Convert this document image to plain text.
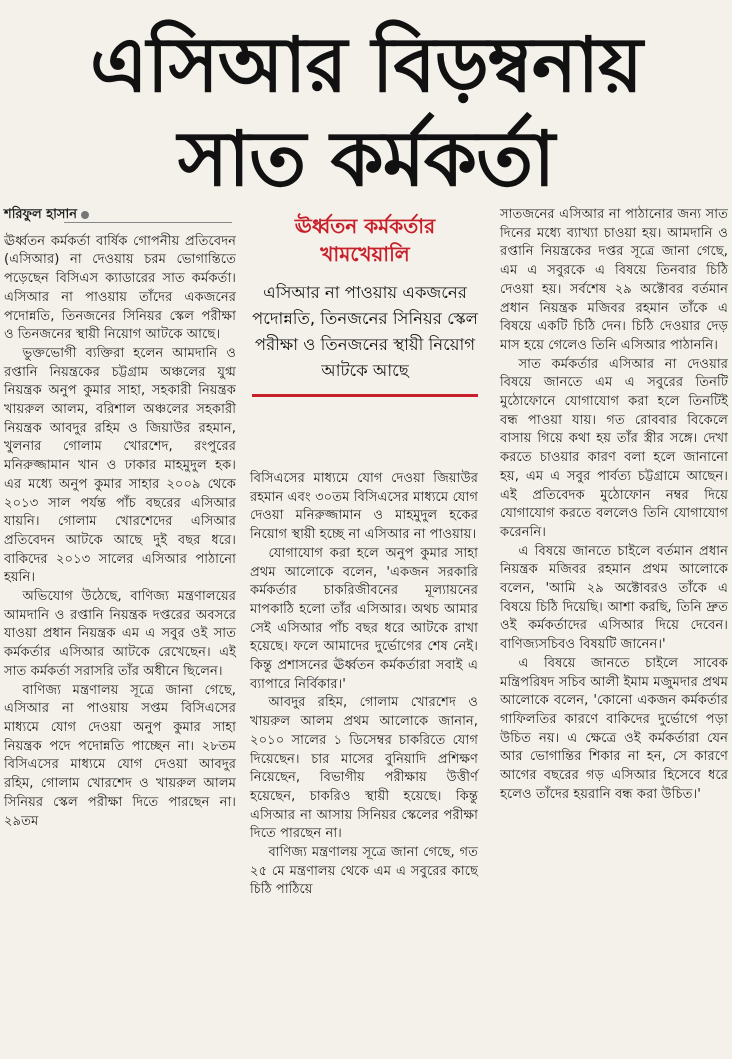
এসিআর বিড়ম্বনায়
সাত কর্মকর্তা
শরিফুল হাসান

ঊর্ধ্বতন কর্মকর্তা বার্ষিক গোপনীয় প্রতিবেদন (এসিআর) না দেওয়ায় চরম ভোগান্তিতে পড়েছেন বিসিএস ক্যাডারের সাত কর্মকর্তা। এসিআর না পাওয়ায় তাঁদের একজনের পদোন্নতি, তিনজনের সিনিয়র স্কেল পরীক্ষা ও তিনজনের স্থায়ী নিয়োগ আটকে আছে।

ভুক্তভোগী ব্যক্তিরা হলেন আমদানি ও রপ্তানি নিয়ন্ত্রকের চট্টগ্রাম অঞ্চলের যুগ্ম নিয়ন্ত্রক অনুপ কুমার সাহা, সহকারী নিয়ন্ত্রক খায়রুল আলম, বরিশাল অঞ্চলের সহকারী নিয়ন্ত্রক আবদুর রহিম ও জিয়াউর রহমান, খুলনার গোলাম খোরশেদ, রংপুরের মনিরুজ্জামান খান ও ঢাকার মাহমুদুল হক। এর মধ্যে অনুপ কুমার সাহার ২০০৯ থেকে ২০১৩ সাল পর্যন্ত পাঁচ বছরের এসিআর যায়নি। গোলাম খোরশেদের এসিআর প্রতিবেদন আটকে আছে দুই বছর ধরে। বাকিদের ২০১৩ সালের এসিআর পাঠানো হয়নি।

অভিযোগ উঠেছে, বাণিজ্য মন্ত্রণালয়ের আমদানি ও রপ্তানি নিয়ন্ত্রক দপ্তরের অবসরে যাওয়া প্রধান নিয়ন্ত্রক এম এ সবুর ওই সাত কর্মকর্তার এসিআর আটকে রেখেছেন। এই সাত কর্মকর্তা সরাসরি তাঁর অধীনে ছিলেন।

বাণিজ্য মন্ত্রণালয় সূত্রে জানা গেছে, এসিআর না পাওয়ায় সপ্তম বিসিএসের মাধ্যমে যোগ দেওয়া অনুপ কুমার সাহা নিয়ন্ত্রক পদে পদোন্নতি পাচ্ছেন না। ২৮তম বিসিএসের মাধ্যমে যোগ দেওয়া আবদুর রহিম, গোলাম খোরশেদ ও খায়রুল আলম সিনিয়র স্কেল পরীক্ষা দিতে পারছেন না। ২৯তম

ঊর্ধ্বতন কর্মকর্তার খামখেয়ালি
এসিআর না পাওয়ায় একজনের পদোন্নতি, তিনজনের সিনিয়র স্কেল পরীক্ষা ও তিনজনের স্থায়ী নিয়োগ আটকে আছে

বিসিএসের মাধ্যমে যোগ দেওয়া জিয়াউর রহমান এবং ৩০তম বিসিএসের মাধ্যমে যোগ দেওয়া মনিরুজ্জামান ও মাহমুদুল হকের নিয়োগ স্থায়ী হচ্ছে না এসিআর না পাওয়ায়।

যোগাযোগ করা হলে অনুপ কুমার সাহা প্রথম আলোকে বলেন, 'একজন সরকারি কর্মকর্তার চাকরিজীবনের মূল্যায়নের মাপকাঠি হলো তাঁর এসিআর। অথচ আমার সেই এসিআর পাঁচ বছর ধরে আটকে রাখা হয়েছে। ফলে আমাদের দুর্ভোগের শেষ নেই। কিন্তু প্রশাসনের ঊর্ধ্বতন কর্মকর্তারা সবাই এ ব্যাপারে নির্বিকার।'

আবদুর রহিম, গোলাম খোরশেদ ও খায়রুল আলম প্রথম আলোকে জানান, ২০১০ সালের ১ ডিসেম্বর চাকরিতে যোগ দিয়েছেন। চার মাসের বুনিয়াদি প্রশিক্ষণ নিয়েছেন, বিভাগীয় পরীক্ষায় উত্তীর্ণ হয়েছেন, চাকরিও স্থায়ী হয়েছে। কিন্তু এসিআর না আসায় সিনিয়র স্কেলের পরীক্ষা দিতে পারছেন না।

বাণিজ্য মন্ত্রণালয় সূত্রে জানা গেছে, গত ২৫ মে মন্ত্রণালয় থেকে এম এ সবুরের কাছে চিঠি পাঠিয়ে

সাতজনের এসিআর না পাঠানোর জন্য সাত দিনের মধ্যে ব্যাখ্যা চাওয়া হয়। আমদানি ও রপ্তানি নিয়ন্ত্রকের দপ্তর সূত্রে জানা গেছে, এম এ সবুরকে এ বিষয়ে তিনবার চিঠি দেওয়া হয়। সর্বশেষ ২৯ অক্টোবর বর্তমান প্রধান নিয়ন্ত্রক মজিবর রহমান তাঁকে এ বিষয়ে একটি চিঠি দেন। চিঠি দেওয়ার দেড় মাস হয়ে গেলেও তিনি এসিআর পাঠাননি।

সাত কর্মকর্তার এসিআর না দেওয়ার বিষয়ে জানতে এম এ সবুরের তিনটি মুঠোফোনে যোগাযোগ করা হলে তিনটিই বন্ধ পাওয়া যায়। গত রোববার বিকেলে বাসায় গিয়ে কথা হয় তাঁর স্ত্রীর সঙ্গে। দেখা করতে চাওয়ার কারণ বলা হলে জানানো হয়, এম এ সবুর পার্বত্য চট্টগ্রামে আছেন। এই প্রতিবেদক মুঠোফোন নম্বর দিয়ে যোগাযোগ করতে বললেও তিনি যোগাযোগ করেননি।

এ বিষয়ে জানতে চাইলে বর্তমান প্রধান নিয়ন্ত্রক মজিবর রহমান প্রথম আলোকে বলেন, 'আমি ২৯ অক্টোবরও তাঁকে এ বিষয়ে চিঠি দিয়েছি। আশা করছি, তিনি দ্রুত ওই কর্মকর্তাদের এসিআর দিয়ে দেবেন। বাণিজ্যসচিবও বিষয়টি জানেন।'

এ বিষয়ে জানতে চাইলে সাবেক মন্ত্রিপরিষদ সচিব আলী ইমাম মজুমদার প্রথম আলোকে বলেন, 'কোনো একজন কর্মকর্তার গাফিলতির কারণে বাকিদের দুর্ভোগে পড়া উচিত নয়। এ ক্ষেত্রে ওই কর্মকর্তারা যেন আর ভোগান্তির শিকার না হন, সে কারণে আগের বছরের গড় এসিআর হিসেবে ধরে হলেও তাঁদের হয়রানি বন্ধ করা উচিত।'
